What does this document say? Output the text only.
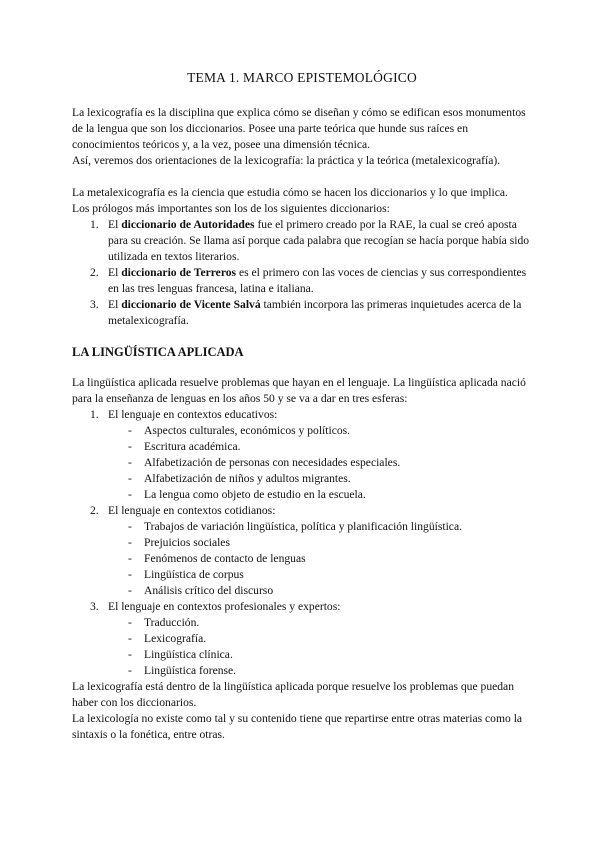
TEMA 1. MARCO EPISTEMOLÓGICO

La lexicografía es la disciplina que explica cómo se diseñan y cómo se edifican esos monumentos de la lengua que son los diccionarios. Posee una parte teórica que hunde sus raíces en conocimientos teóricos y, a la vez, posee una dimensión técnica.

Así, veremos dos orientaciones de la lexicografía: la práctica y la teórica (metalexicografía).

La metalexicografía es la ciencia que estudia cómo se hacen los diccionarios y lo que implica.

Los prólogos más importantes son los de los siguientes diccionarios:

1. El diccionario de Autoridades fue el primero creado por la RAE, la cual se creó aposta para su creación. Se llama así porque cada palabra que recogían se hacía porque había sido utilizada en textos literarios.
2. El diccionario de Terreros es el primero con las voces de ciencias y sus correspondientes en las tres lenguas francesa, latina e italiana.
3. El diccionario de Vicente Salvá también incorpora las primeras inquietudes acerca de la metalexicografía.
LA LINGÜÍSTICA APLICADA

La lingüística aplicada resuelve problemas que hayan en el lenguaje. La lingüística aplicada nació para la enseñanza de lenguas en los años 50 y se va a dar en tres esferas:

1. El lenguaje en contextos educativos:
- Aspectos culturales, económicos y políticos.
- Escritura académica.
- Alfabetización de personas con necesidades especiales.
- Alfabetización de niños y adultos migrantes.
- La lengua como objeto de estudio en la escuela.
2. El lenguaje en contextos cotidianos:
- Trabajos de variación lingüística, política y planificación lingüística.
- Prejuicios sociales
- Fenómenos de contacto de lenguas
- Lingüística de corpus
- Análisis crítico del discurso
3. El lenguaje en contextos profesionales y expertos:
- Traducción.
- Lexicografía.
- Lingüística clínica.
- Lingüística forense.

La lexicografía está dentro de la lingüística aplicada porque resuelve los problemas que puedan haber con los diccionarios.

La lexicología no existe como tal y su contenido tiene que repartirse entre otras materias como la sintaxis o la fonética, entre otras.
